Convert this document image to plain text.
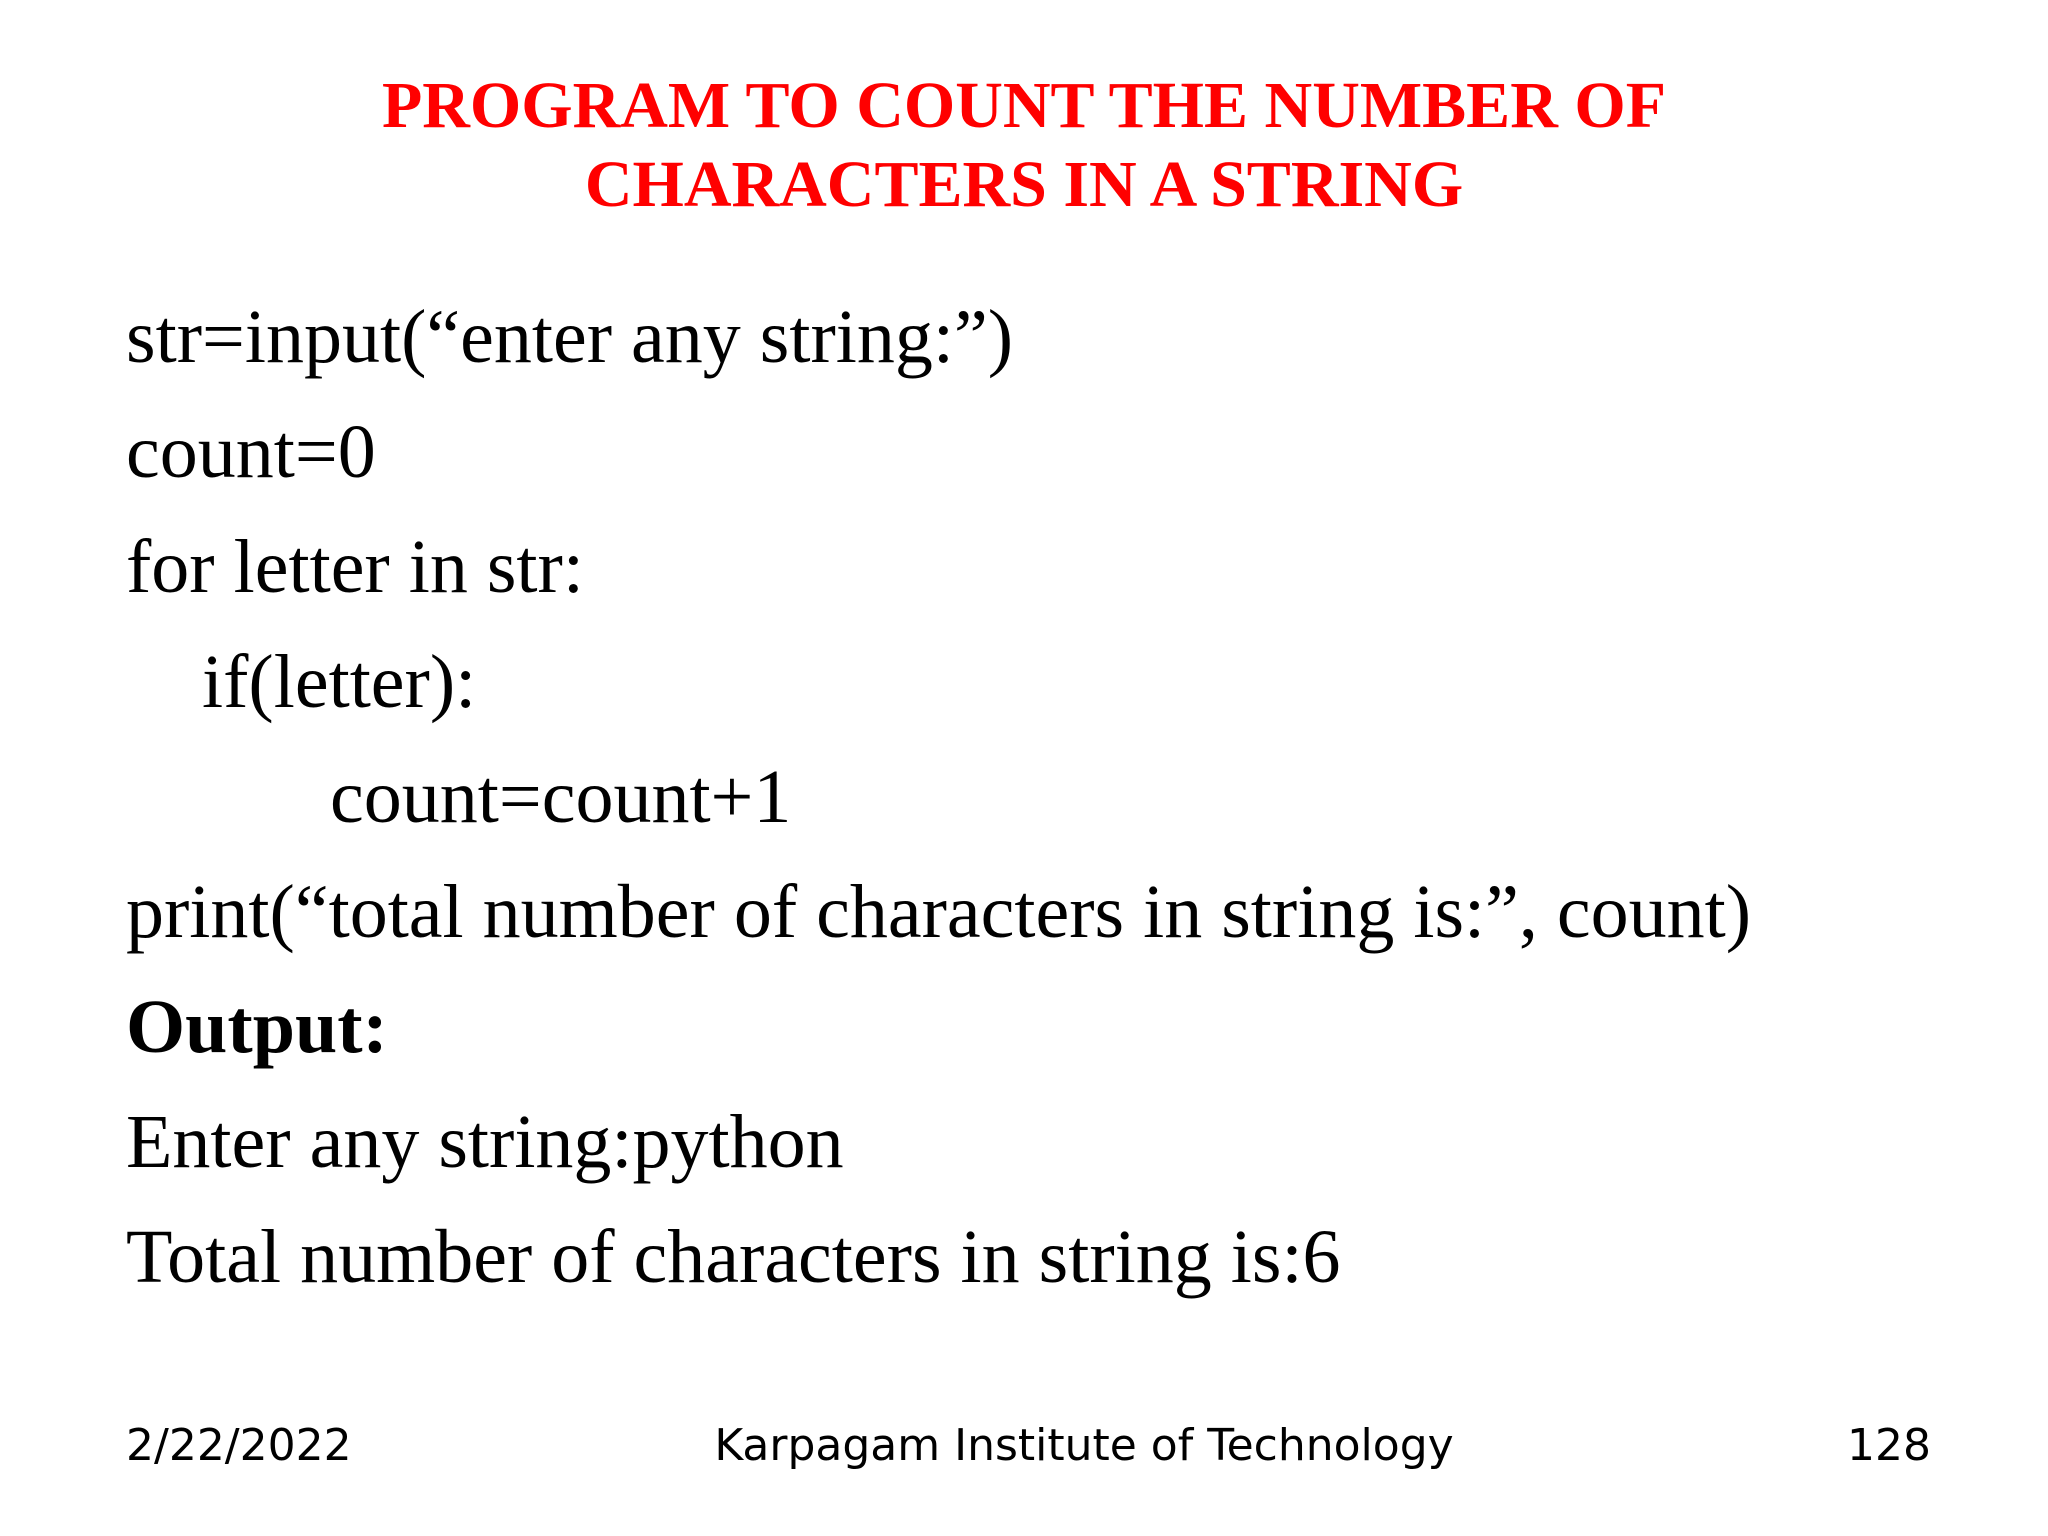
PROGRAM TO COUNT THE NUMBER OF
CHARACTERS IN A STRING
str=input(“enter any string:”)
count=0
for letter in str:
if(letter):
count=count+1
print(“total number of characters in string is:”, count)
Output:
Enter any string:python
Total number of characters in string is:6
2/22/2022	Karpagam Institute of Technology	128
